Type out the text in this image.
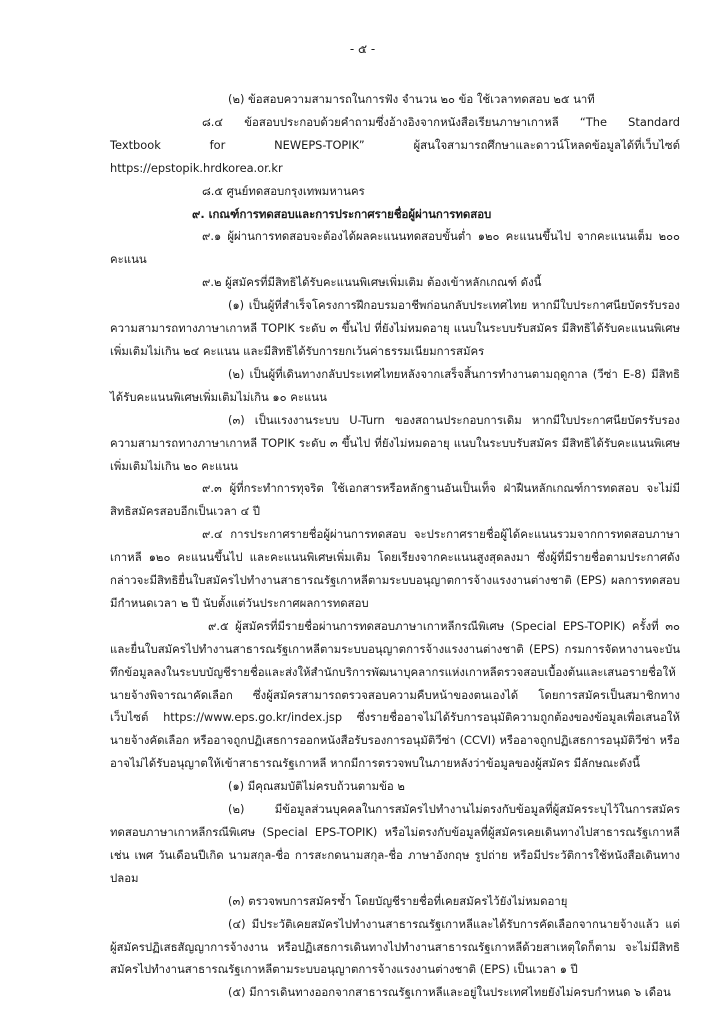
- ๕ -

(๒) ข้อสอบความสามารถในการฟัง จำนวน ๒๐ ข้อ ใช้เวลาทดสอบ ๒๕ นาที

๘.๔ ข้อสอบประกอบด้วยคำถามซึ่งอ้างอิงจากหนังสือเรียนภาษาเกาหลี “The Standard Textbook for NEWEPS-TOPIK” ผู้สนใจสามารถศึกษาและดาวน์โหลดข้อมูลได้ที่เว็บไซต์ https://epstopik.hrdkorea.or.kr

๘.๕ ศูนย์ทดสอบกรุงเทพมหานคร

๙. เกณฑ์การทดสอบและการประกาศรายชื่อผู้ผ่านการทดสอบ

๙.๑ ผู้ผ่านการทดสอบจะต้องได้ผลคะแนนทดสอบขั้นต่ำ ๑๒๐ คะแนนขึ้นไป จากคะแนนเต็ม ๒๐๐ คะแนน

๙.๒ ผู้สมัครที่มีสิทธิได้รับคะแนนพิเศษเพิ่มเติม ต้องเข้าหลักเกณฑ์ ดังนี้

(๑) เป็นผู้ที่สำเร็จโครงการฝึกอบรมอาชีพก่อนกลับประเทศไทย หากมีใบประกาศนียบัตรรับรองความสามารถทางภาษาเกาหลี TOPIK ระดับ ๓ ขึ้นไป ที่ยังไม่หมดอายุ แนบในระบบรับสมัคร มีสิทธิได้รับคะแนนพิเศษเพิ่มเติมไม่เกิน ๒๔ คะแนน และมีสิทธิได้รับการยกเว้นค่าธรรมเนียมการสมัคร

(๒) เป็นผู้ที่เดินทางกลับประเทศไทยหลังจากเสร็จสิ้นการทำงานตามฤดูกาล (วีซ่า E-8) มีสิทธิได้รับคะแนนพิเศษเพิ่มเติมไม่เกิน ๑๐ คะแนน

(๓) เป็นแรงงานระบบ U-Turn ของสถานประกอบการเดิม หากมีใบประกาศนียบัตรรับรองความสามารถทางภาษาเกาหลี TOPIK ระดับ ๓ ขึ้นไป ที่ยังไม่หมดอายุ แนบในระบบรับสมัคร มีสิทธิได้รับคะแนนพิเศษเพิ่มเติมไม่เกิน ๒๐ คะแนน

๙.๓ ผู้ที่กระทำการทุจริต ใช้เอกสารหรือหลักฐานอันเป็นเท็จ ฝ่าฝืนหลักเกณฑ์การทดสอบ จะไม่มีสิทธิสมัครสอบอีกเป็นเวลา ๔ ปี

๙.๔ การประกาศรายชื่อผู้ผ่านการทดสอบ จะประกาศรายชื่อผู้ได้คะแนนรวมจากการทดสอบภาษาเกาหลี ๑๒๐ คะแนนขึ้นไป และคะแนนพิเศษเพิ่มเติม โดยเรียงจากคะแนนสูงสุดลงมา ซึ่งผู้ที่มีรายชื่อตามประกาศดังกล่าวจะมีสิทธิยื่นใบสมัครไปทำงานสาธารณรัฐเกาหลีตามระบบอนุญาตการจ้างแรงงานต่างชาติ (EPS) ผลการทดสอบมีกำหนดเวลา ๒ ปี นับตั้งแต่วันประกาศผลการทดสอบ

๙.๕ ผู้สมัครที่มีรายชื่อผ่านการทดสอบภาษาเกาหลีกรณีพิเศษ (Special EPS-TOPIK) ครั้งที่ ๓๐ และยื่นใบสมัครไปทำงานสาธารณรัฐเกาหลีตามระบบอนุญาตการจ้างแรงงานต่างชาติ (EPS) กรมการจัดหางานจะบันทึกข้อมูลลงในระบบบัญชีรายชื่อและส่งให้สำนักบริการพัฒนาบุคลากรแห่งเกาหลีตรวจสอบเบื้องต้นและเสนอรายชื่อให้นายจ้างพิจารณาคัดเลือก ซึ่งผู้สมัครสามารถตรวจสอบความคืบหน้าของตนเองได้ โดยการสมัครเป็นสมาชิกทางเว็บไซต์ https://www.eps.go.kr/index.jsp ซึ่งรายชื่ออาจไม่ได้รับการอนุมัติความถูกต้องของข้อมูลเพื่อเสนอให้นายจ้างคัดเลือก หรืออาจถูกปฏิเสธการออกหนังสือรับรองการอนุมัติวีซ่า (CCVI) หรืออาจถูกปฏิเสธการอนุมัติวีซ่า หรืออาจไม่ได้รับอนุญาตให้เข้าสาธารณรัฐเกาหลี หากมีการตรวจพบในภายหลังว่าข้อมูลของผู้สมัคร มีลักษณะดังนี้

(๑) มีคุณสมบัติไม่ครบถ้วนตามข้อ ๒

(๒) มีข้อมูลส่วนบุคคลในการสมัครไปทำงานไม่ตรงกับข้อมูลที่ผู้สมัครระบุไว้ในการสมัครทดสอบภาษาเกาหลีกรณีพิเศษ (Special EPS-TOPIK) หรือไม่ตรงกับข้อมูลที่ผู้สมัครเคยเดินทางไปสาธารณรัฐเกาหลี เช่น เพศ วันเดือนปีเกิด นามสกุล-ชื่อ การสะกดนามสกุล-ชื่อ ภาษาอังกฤษ รูปถ่าย หรือมีประวัติการใช้หนังสือเดินทางปลอม

(๓) ตรวจพบการสมัครซ้ำ โดยบัญชีรายชื่อที่เคยสมัครไว้ยังไม่หมดอายุ

(๔) มีประวัติเคยสมัครไปทำงานสาธารณรัฐเกาหลีและได้รับการคัดเลือกจากนายจ้างแล้ว แต่ผู้สมัครปฏิเสธสัญญาการจ้างงาน หรือปฏิเสธการเดินทางไปทำงานสาธารณรัฐเกาหลีด้วยสาเหตุใดก็ตาม จะไม่มีสิทธิสมัครไปทำงานสาธารณรัฐเกาหลีตามระบบอนุญาตการจ้างแรงงานต่างชาติ (EPS) เป็นเวลา ๑ ปี

(๕) มีการเดินทางออกจากสาธารณรัฐเกาหลีและอยู่ในประเทศไทยยังไม่ครบกำหนด ๖ เดือน
